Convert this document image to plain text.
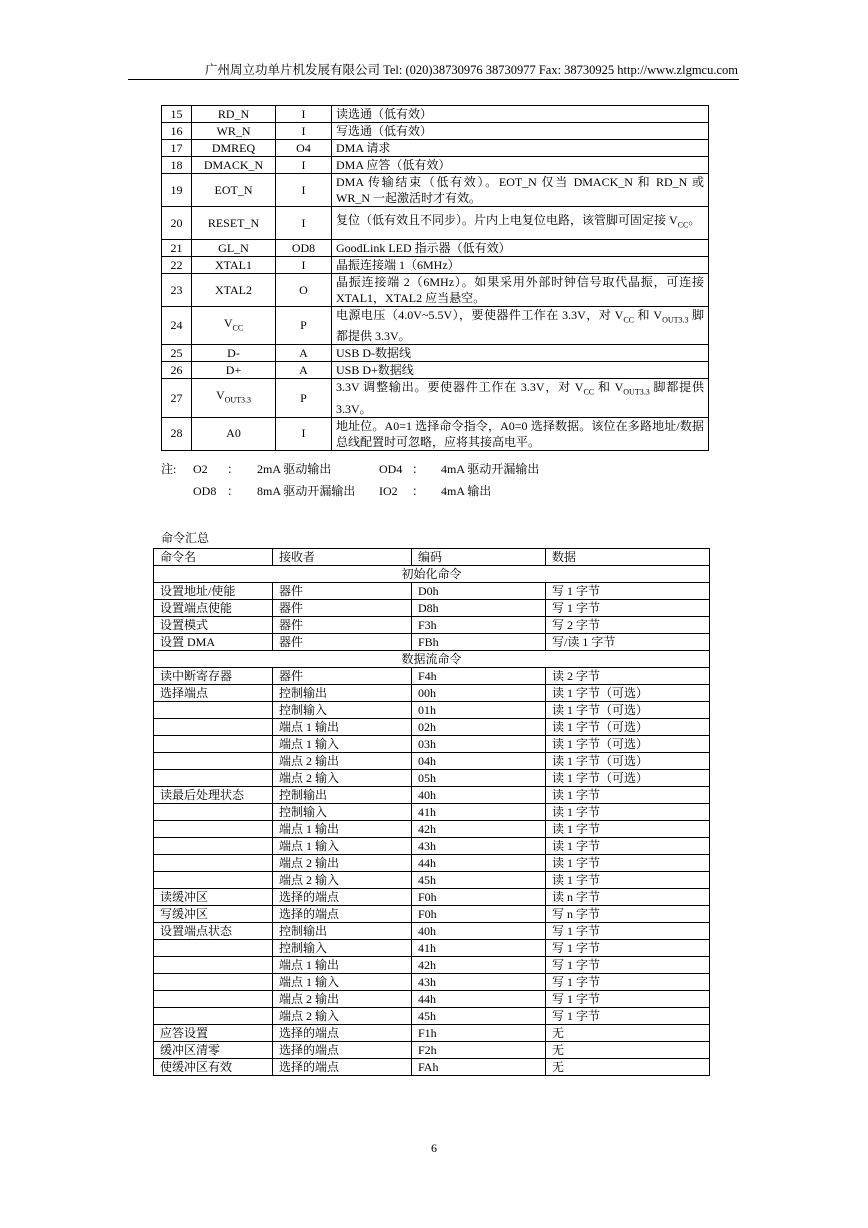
广州周立功单片机发展有限公司 Tel: (020)38730976 38730977 Fax: 38730925 http://www.zlgmcu.com
15	RD_N	I	读选通（低有效）
16	WR_N	I	写选通（低有效）
17	DMREQ	O4	DMA 请求
18	DMACK_N	I	DMA 应答（低有效）
19	EOT_N	I	DMA 传输结束（低有效）。EOT_N 仅当 DMACK_N 和 RD_N 或 WR_N 一起激活时才有效。
20	RESET_N	I	复位（低有效且不同步）。片内上电复位电路，该管脚可固定接 $V_{CC}$。
21	GL_N	OD8	GoodLink LED 指示器（低有效）
22	XTAL1	I	晶振连接端 1（6MHz）
23	XTAL2	O	晶振连接端 2（6MHz）。如果采用外部时钟信号取代晶振，可连接 XTAL1，XTAL2 应当悬空。
24	$V_{CC}$	P	电源电压（4.0V~5.5V），要使器件工作在 3.3V，对 $V_{CC}$ 和 $V_{OUT3.3}$ 脚都提供 3.3V。
25	D-	A	USB D-数据线
26	D+	A	USB D+数据线
27	$V_{OUT3.3}$	P	3.3V 调整输出。要使器件工作在 3.3V，对 $V_{CC}$ 和 $V_{OUT3.3}$ 脚都提供 3.3V。
28	A0	I	地址位。A0=1 选择命令指令，A0=0 选择数据。该位在多路地址/数据总线配置时可忽略，应将其接高电平。
注: O2 ： 2mA 驱动输出	OD4 ： 4mA 驱动开漏输出
OD8 ： 8mA 驱动开漏输出 IO2 ： 4mA 输出
命令汇总
命令名	接收者	编码	数据
初始化命令			
设置地址/使能	器件	D0h	写 1 字节
设置端点使能	器件	D8h	写 1 字节
设置模式	器件	F3h	写 2 字节
设置 DMA	器件	FBh	写/读 1 字节
数据流命令			
读中断寄存器	器件	F4h	读 2 字节
选择端点	控制输出	00h	读 1 字节（可选）
	控制输入	01h	读 1 字节（可选）
	端点 1 输出	02h	读 1 字节（可选）
	端点 1 输入	03h	读 1 字节（可选）
	端点 2 输出	04h	读 1 字节（可选）
	端点 2 输入	05h	读 1 字节（可选）
读最后处理状态	控制输出	40h	读 1 字节
	控制输入	41h	读 1 字节
	端点 1 输出	42h	读 1 字节
	端点 1 输入	43h	读 1 字节
	端点 2 输出	44h	读 1 字节
	端点 2 输入	45h	读 1 字节
读缓冲区	选择的端点	F0h	读 n 字节
写缓冲区	选择的端点	F0h	写 n 字节
设置端点状态	控制输出	40h	写 1 字节
	控制输入	41h	写 1 字节
	端点 1 输出	42h	写 1 字节
	端点 1 输入	43h	写 1 字节
	端点 2 输出	44h	写 1 字节
	端点 2 输入	45h	写 1 字节
应答设置	选择的端点	F1h	无
缓冲区清零	选择的端点	F2h	无
使缓冲区有效	选择的端点	FAh	无
6
